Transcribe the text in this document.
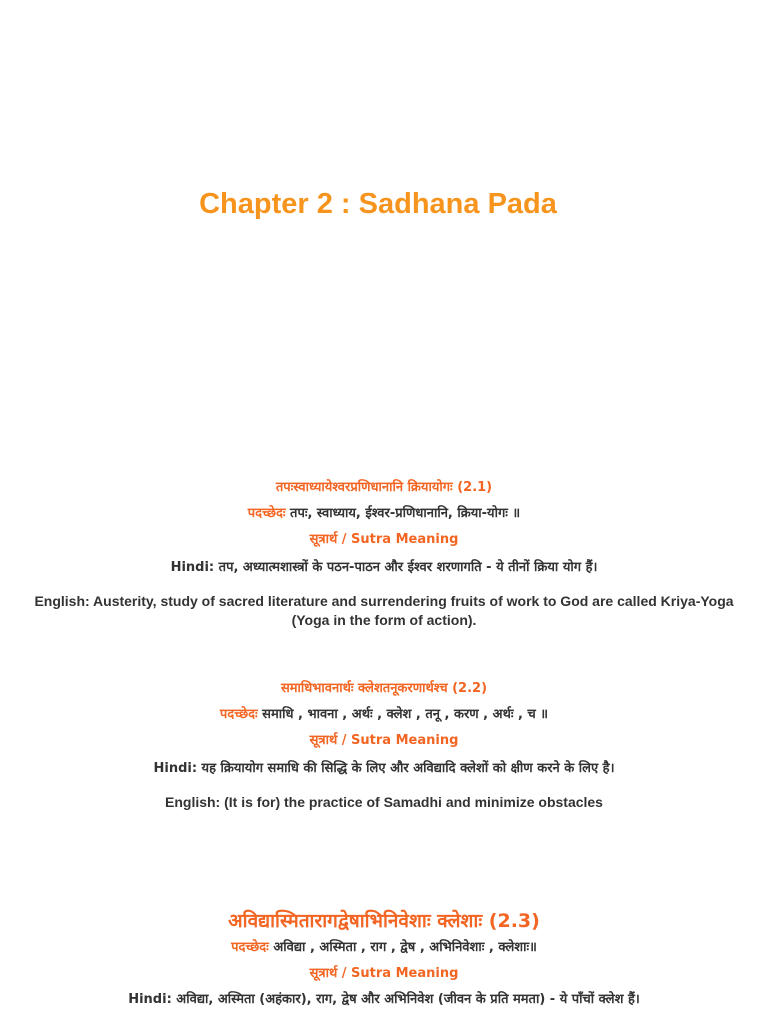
Chapter 2 : Sadhana Pada

तपःस्वाध्यायेश्वरप्रणिधानानि क्रियायोगः (2.1)

पदच्छेदः तपः, स्वाध्याय, ईश्वर-प्रणिधानानि, क्रिया-योगः ॥

सूत्रार्थ / Sutra Meaning

Hindi: तप, अध्यात्मशास्त्रों के पठन-पाठन और ईश्वर शरणागति - ये तीनों क्रिया योग हैं।

English: Austerity, study of sacred literature and surrendering fruits of work to God are called Kriya-Yoga (Yoga in the form of action).

समाधिभावनार्थः क्लेशतनूकरणार्थश्च (2.2)

पदच्छेदः समाधि , भावना , अर्थः , क्लेश , तनू , करण , अर्थः , च ॥

सूत्रार्थ / Sutra Meaning

Hindi: यह क्रियायोग समाधि की सिद्धि के लिए और अविद्यादि क्लेशों को क्षीण करने के लिए है।

English: (It is for) the practice of Samadhi and minimize obstacles

अविद्यास्मितारागद्वेषाभिनिवेशाः क्लेशाः (2.3)

पदच्छेदः अविद्या , अस्मिता , राग , द्वेष , अभिनिवेशाः , क्लेशाः॥

सूत्रार्थ / Sutra Meaning

Hindi: अविद्या, अस्मिता (अहंकार), राग, द्वेष और अभिनिवेश (जीवन के प्रति ममता) - ये पाँचों क्लेश हैं।
